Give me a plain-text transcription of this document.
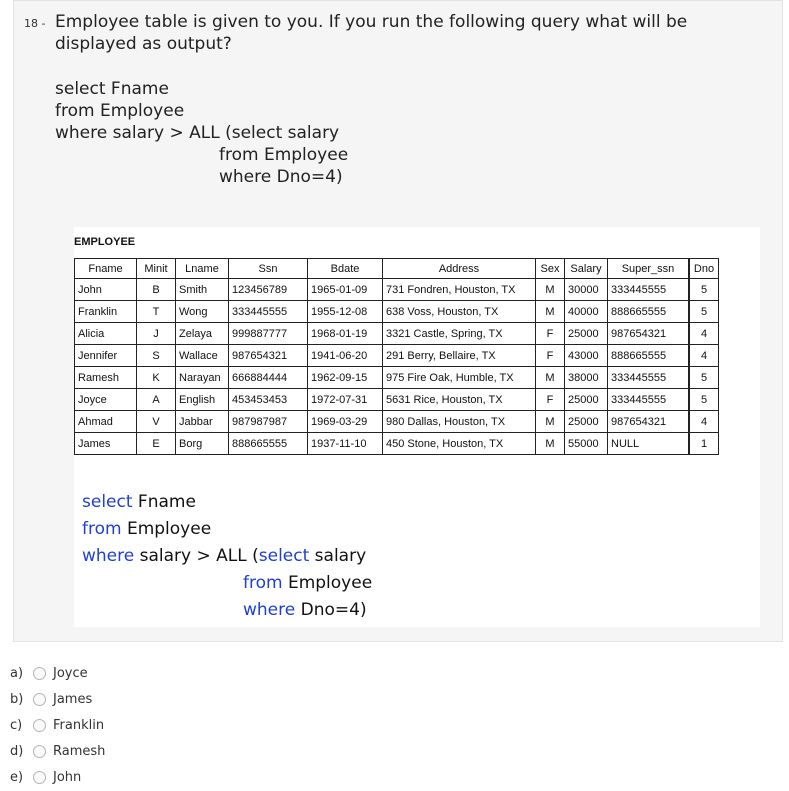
18 - Employee table is given to you. If you run the following query what will be displayed as output?
select Fname
from Employee
where salary > ALL (select salary
from Employee
where Dno=4)
EMPLOYEE
Fname	Minit	Lname	Ssn	Bdate	Address	Sex	Salary	Super_ssn	Dno
John	B	Smith	123456789	1965-01-09	731 Fondren, Houston, TX	M	30000	333445555	5
Franklin	T	Wong	333445555	1955-12-08	638 Voss, Houston, TX	M	40000	888665555	5
Alicia	J	Zelaya	999887777	1968-01-19	3321 Castle, Spring, TX	F	25000	987654321	4
Jennifer	S	Wallace	987654321	1941-06-20	291 Berry, Bellaire, TX	F	43000	888665555	4
Ramesh	K	Narayan	666884444	1962-09-15	975 Fire Oak, Humble, TX	M	38000	333445555	5
Joyce	A	English	453453453	1972-07-31	5631 Rice, Houston, TX	F	25000	333445555	5
Ahmad	V	Jabbar	987987987	1969-03-29	980 Dallas, Houston, TX	M	25000	987654321	4
James	E	Borg	888665555	1937-11-10	450 Stone, Houston, TX	M	55000	NULL	1
select Fname
from Employee
where salary > ALL (select salary
from Employee
where Dno=4)
a)	Joyce
b)	James
c)	Franklin
d)	Ramesh
e)	John
